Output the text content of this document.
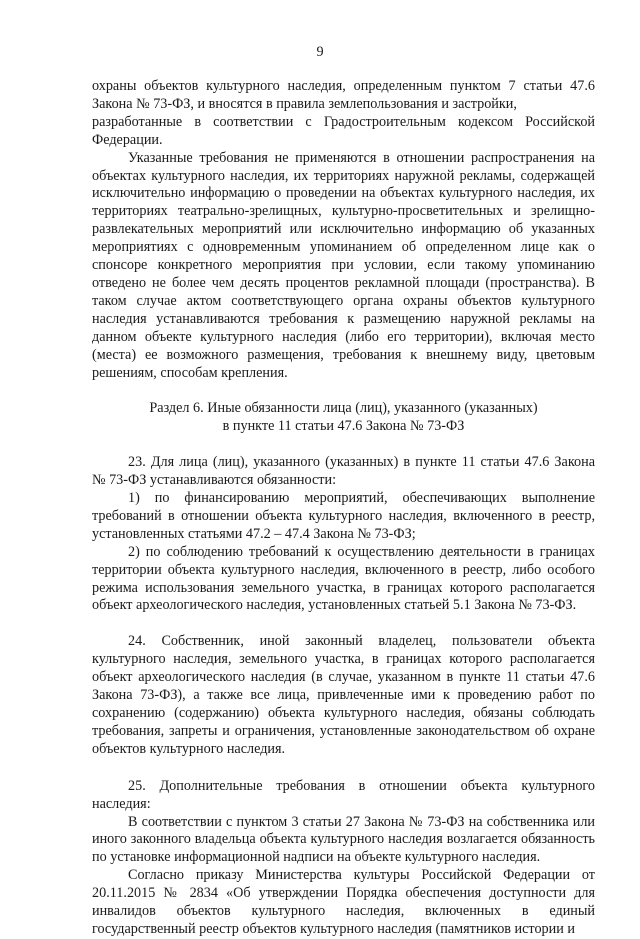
9

охраны объектов культурного наследия, определенным пунктом 7 статьи 47.6 Закона № 73-ФЗ, и вносятся в правила землепользования и застройки,

разработанные в соответствии с Градостроительным кодексом Российской Федерации.

Указанные требования не применяются в отношении распространения на объектах культурного наследия, их территориях наружной рекламы, содержащей исключительно информацию о проведении на объектах культурного наследия, их территориях театрально-зрелищных, культурно-просветительных и зрелищно-развлекательных мероприятий или исключительно информацию об указанных мероприятиях с одновременным упоминанием об определенном лице как о спонсоре конкретного мероприятия при условии, если такому упоминанию отведено не более чем десять процентов рекламной площади (пространства). В таком случае актом соответствующего органа охраны объектов культурного наследия устанавливаются требования к размещению наружной рекламы на данном объекте культурного наследия (либо его территории), включая место (места) ее возможного размещения, требования к внешнему виду, цветовым решениям, способам крепления.

Раздел 6. Иные обязанности лица (лиц), указанного (указанных)

в пункте 11 статьи 47.6 Закона № 73-ФЗ

23. Для лица (лиц), указанного (указанных) в пункте 11 статьи 47.6 Закона № 73-ФЗ устанавливаются обязанности:

1) по финансированию мероприятий, обеспечивающих выполнение требований в отношении объекта культурного наследия, включенного в реестр, установленных статьями 47.2 – 47.4 Закона № 73-ФЗ;

2) по соблюдению требований к осуществлению деятельности в границах территории объекта культурного наследия, включенного в реестр, либо особого режима использования земельного участка, в границах которого располагается объект археологического наследия, установленных статьей 5.1 Закона № 73-ФЗ.

24. Собственник, иной законный владелец, пользователи объекта культурного наследия, земельного участка, в границах которого располагается объект археологического наследия (в случае, указанном в пункте 11 статьи 47.6 Закона 73-ФЗ), а также все лица, привлеченные ими к проведению работ по сохранению (содержанию) объекта культурного наследия, обязаны соблюдать требования, запреты и ограничения, установленные законодательством об охране объектов культурного наследия.

25. Дополнительные требования в отношении объекта культурного наследия:

В соответствии с пунктом 3 статьи 27 Закона № 73-ФЗ на собственника или иного законного владельца объекта культурного наследия возлагается обязанность по установке информационной надписи на объекте культурного наследия.

Согласно приказу Министерства культуры Российской Федерации от 20.11.2015 № 2834 «Об утверждении Порядка обеспечения доступности для инвалидов объектов культурного наследия, включенных в единый государственный реестр объектов культурного наследия (памятников истории и
